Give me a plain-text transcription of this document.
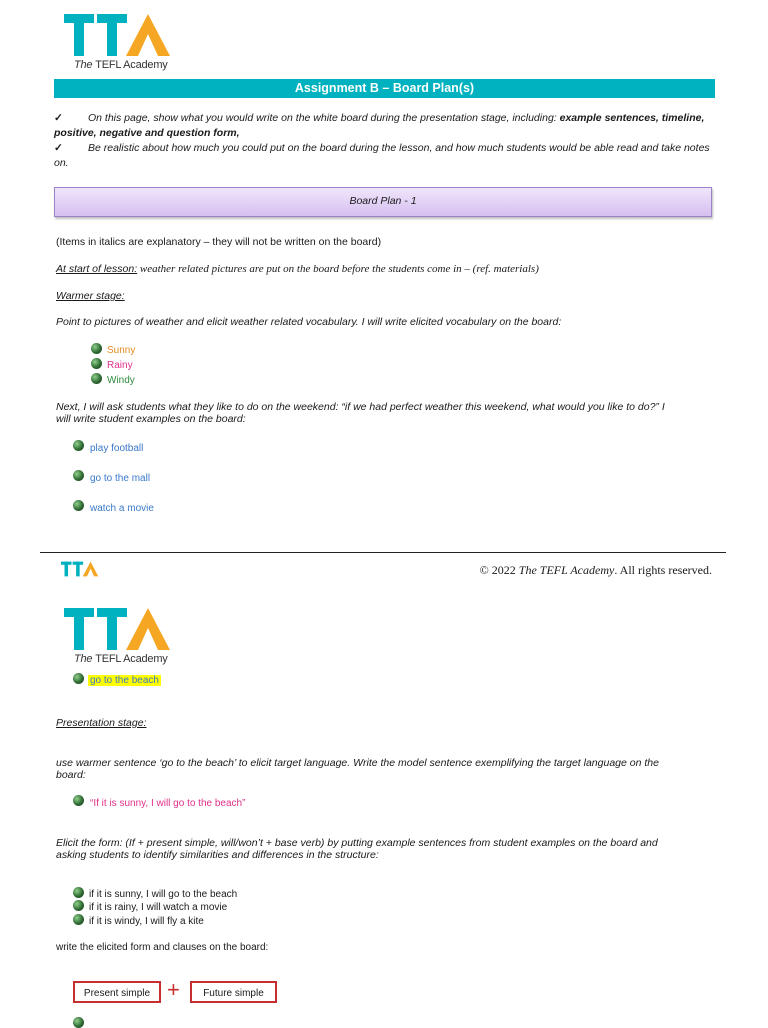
The TEFL Academy
Assignment B – Board Plan(s)
✓ On this page, show what you would write on the white board during the presentation stage, including: example sentences, timeline,
positive, negative and question form,
✓ Be realistic about how much you could put on the board during the lesson, and how much students would be able read and take notes
on.
Board Plan - 1
(Items in italics are explanatory – they will not be written on the board)
At start of lesson: weather related pictures are put on the board before the students come in – (ref. materials)
Warmer stage:
Point to pictures of weather and elicit weather related vocabulary. I will write elicited vocabulary on the board:
Sunny
Rainy
Windy
Next, I will ask students what they like to do on the weekend: “if we had perfect weather this weekend, what would you like to do?” I
will write student examples on the board:
play football
go to the mall
watch a movie
© 2022 The TEFL Academy. All rights reserved.
The TEFL Academy
go to the beach
Presentation stage:
use warmer sentence ‘go to the beach’ to elicit target language. Write the model sentence exemplifying the target language on the
board:
“If it is sunny, I will go to the beach”
Elicit the form: (If + present simple, will/won’t + base verb) by putting example sentences from student examples on the board and
asking students to identify similarities and differences in the structure:
if it is sunny, I will go to the beach
if it is rainy, I will watch a movie
if it is windy, I will fly a kite
write the elicited form and clauses on the board:
Present simple +	Future simple
